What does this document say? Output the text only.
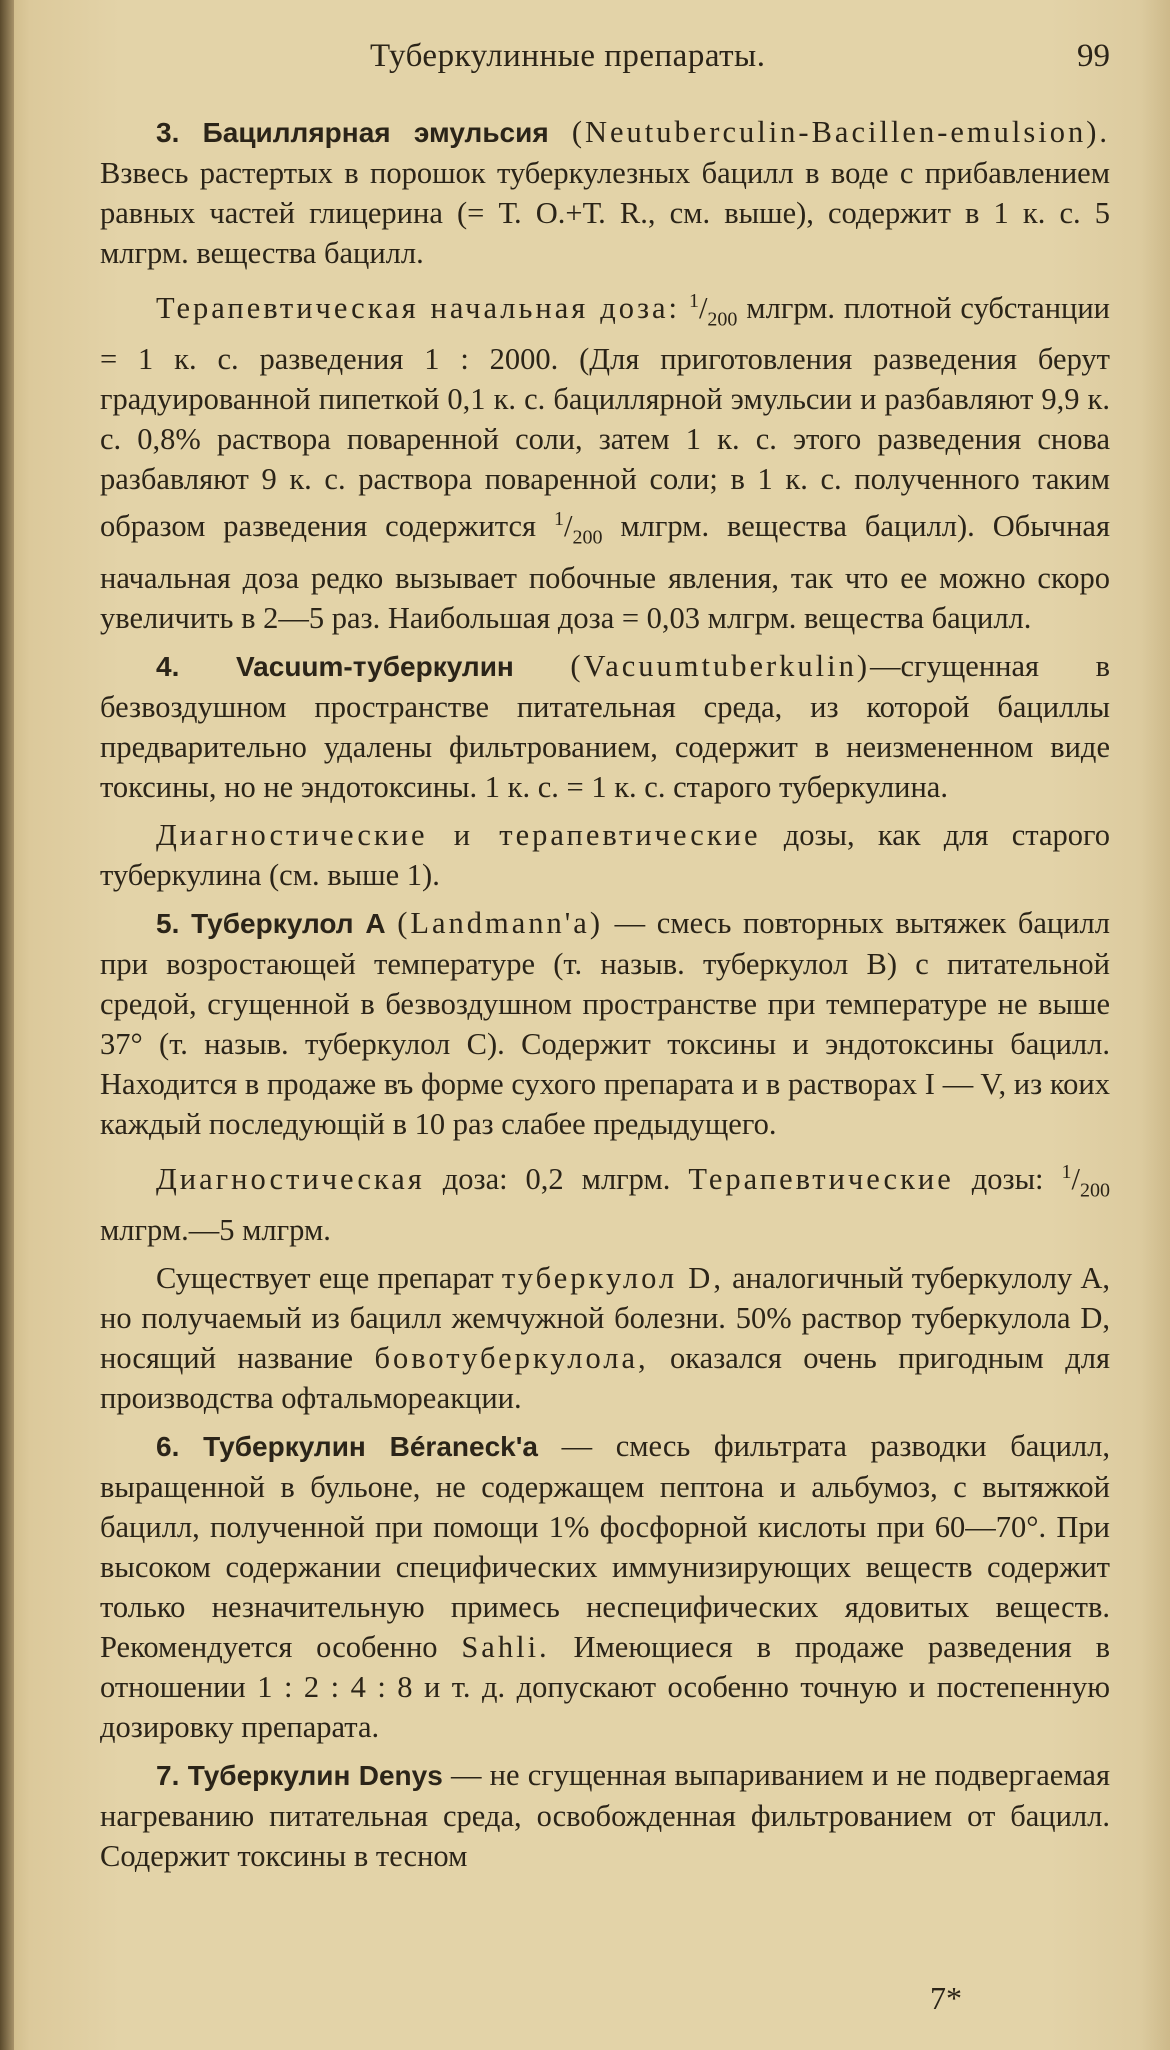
Туберкулинные препараты.	99

3. Бациллярная эмульсия (Neutuberculin-Bacillen-emulsion). Взвесь растертых в порошок туберкулезных бацилл в воде с прибавлением равных частей глицерина (= Т. О.+Т. R., см. выше), содержит в 1 к. с. 5 млгрм. вещества бацилл.

Терапевтическая начальная доза: $^1/_{200}$ млгрм. плотной субстанции = 1 к. с. разведения 1 : 2000. (Для приготовления разведения берут градуированной пипеткой 0,1 к. с. бациллярной эмульсии и разбавляют 9,9 к. с. 0,8% раствора поваренной соли, затем 1 к. с. этого разведения снова разбавляют 9 к. с. раствора поваренной соли; в 1 к. с. полученного таким образом разведения содержится $^1/_{200}$ млгрм. вещества бацилл). Обычная начальная доза редко вызывает побочные явления, так что ее можно скоро увеличить в 2—5 раз. Наибольшая доза = 0,03 млгрм. вещества бацилл.

4. Vacuum-туберкулин (Vacuumtuberkulin)—сгущенная в безвоздушном пространстве питательная среда, из которой бациллы предварительно удалены фильтрованием, содержит в неизмененном виде токсины, но не эндотоксины. 1 к. с. = 1 к. с. старого туберкулина.

Диагностические и терапевтические дозы, как для старого туберкулина (см. выше 1).

5. Туберкулол А (Landmann'a) — смесь повторных вытяжек бацилл при возростающей температуре (т. назыв. туберкулол В) с питательной средой, сгущенной в безвоздушном пространстве при температуре не выше 37° (т. назыв. туберкулол С). Содержит токсины и эндотоксины бацилл. Находится в продаже въ форме сухого препарата и в растворах I — V, из коих каждый последующій в 10 раз слабее предыдущего.

Диагностическая доза: 0,2 млгрм. Терапевтические дозы: $^1/_{200}$ млгрм.—5 млгрм.

Существует еще препарат туберкулол D, аналогичный туберкулолу А, но получаемый из бацилл жемчужной болезни. 50% раствор туберкулола D, носящий название бовотуберкулола, оказался очень пригодным для производства офтальмореакции.

6. Туберкулин Béraneck'a — смесь фильтрата разводки бацилл, выращенной в бульоне, не содержащем пептона и альбумоз, с вытяжкой бацилл, полученной при помощи 1% фосфорной кислоты при 60—70°. При высоком содержании специфических иммунизирующих веществ содержит только незначительную примесь неспецифических ядовитых веществ. Рекомендуется особенно Sahli. Имеющиеся в продаже разведения в отношении 1 : 2 : 4 : 8 и т. д. допускают особенно точную и постепенную дозировку препарата.

7. Туберкулин Denys — не сгущенная выпариванием и не подвергаемая нагреванию питательная среда, освобожденная фильтрованием от бацилл. Содержит токсины в тесном

7*
